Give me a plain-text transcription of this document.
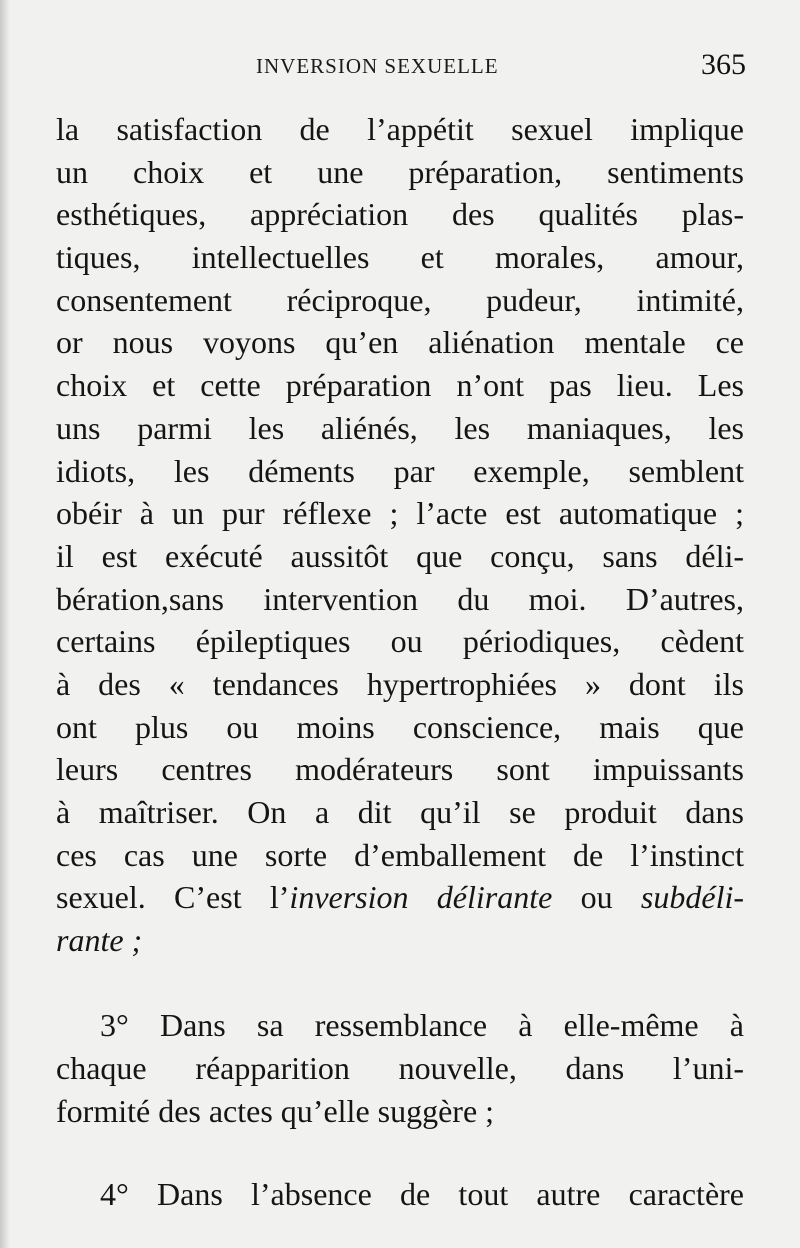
INVERSION SEXUELLE	365
la satisfaction de l’appétit sexuel implique
un choix et une préparation, sentiments
esthétiques, appréciation des qualités plas-
tiques, intellectuelles et morales, amour,
consentement réciproque, pudeur, intimité,
or nous voyons qu’en aliénation mentale ce
choix et cette préparation n’ont pas lieu. Les
uns parmi les aliénés, les maniaques, les
idiots, les déments par exemple, semblent
obéir à un pur réflexe ; l’acte est automatique ;
il est exécuté aussitôt que conçu, sans déli-
bération,sans intervention du moi. D’autres,
certains épileptiques ou périodiques, cèdent
à des « tendances hypertrophiées » dont ils
ont plus ou moins conscience, mais que
leurs centres modérateurs sont impuissants
à maîtriser. On a dit qu’il se produit dans
ces cas une sorte d’emballement de l’instinct
sexuel. C’est l’inversion délirante ou subdéli-
rante ;
3° Dans sa ressemblance à elle-même à
chaque réapparition nouvelle, dans l’uni-
formité des actes qu’elle suggère ;
4° Dans l’absence de tout autre caractère
